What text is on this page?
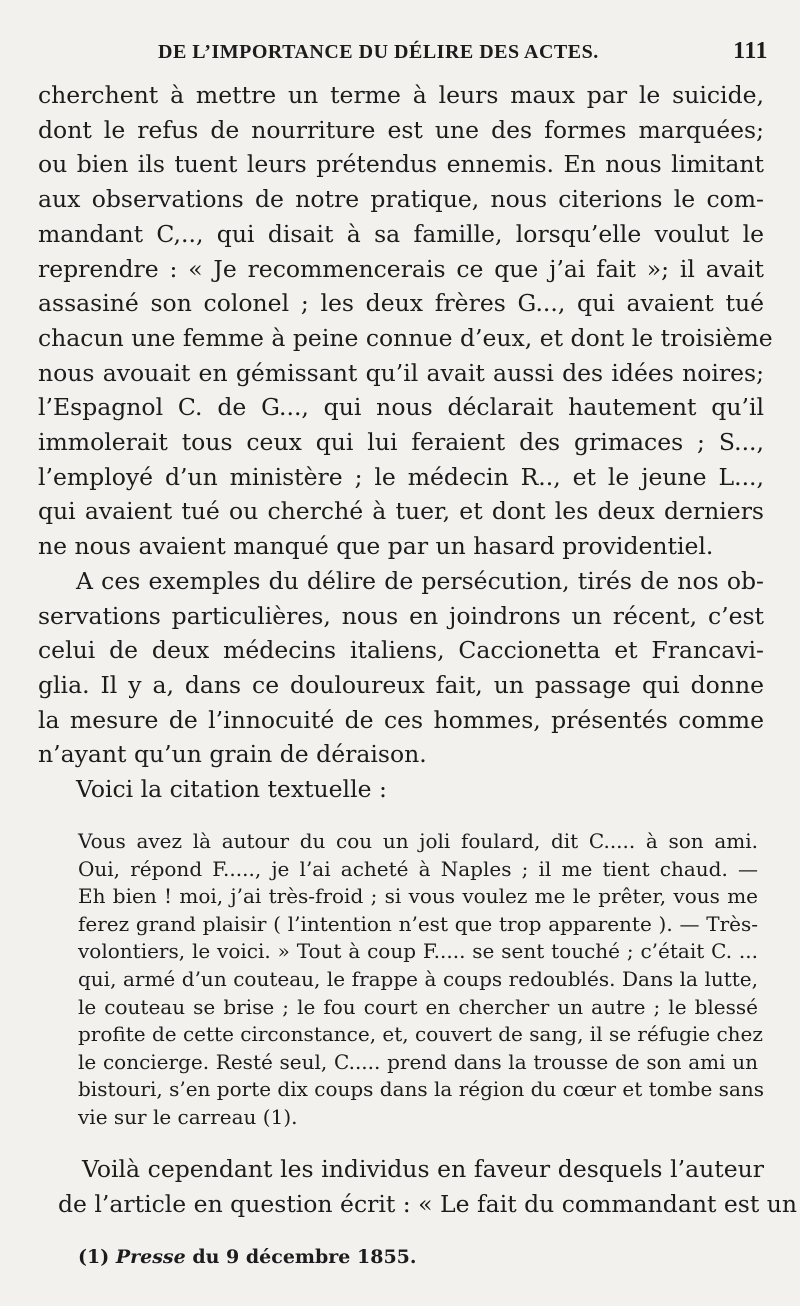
DE L’IMPORTANCE DU DÉLIRE DES ACTES.	111
cherchent à mettre un terme à leurs maux par le suicide,
dont le refus de nourriture est une des formes marquées;
ou bien ils tuent leurs prétendus ennemis. En nous limitant
aux observations de notre pratique, nous citerions le com-
mandant C,.., qui disait à sa famille, lorsqu’elle voulut le
reprendre : « Je recommencerais ce que j’ai fait »; il avait
assasiné son colonel ; les deux frères G..., qui avaient tué
chacun une femme à peine connue d’eux, et dont le troisième
nous avouait en gémissant qu’il avait aussi des idées noires;
l’Espagnol C. de G..., qui nous déclarait hautement qu’il
immolerait tous ceux qui lui feraient des grimaces ; S...,
l’employé d’un ministère ; le médecin R.., et le jeune L...,
qui avaient tué ou cherché à tuer, et dont les deux derniers
ne nous avaient manqué que par un hasard providentiel.
A ces exemples du délire de persécution, tirés de nos ob-
servations particulières, nous en joindrons un récent, c’est
celui de deux médecins italiens, Caccionetta et Francavi-
glia. Il y a, dans ce douloureux fait, un passage qui donne
la mesure de l’innocuité de ces hommes, présentés comme
n’ayant qu’un grain de déraison.
Voici la citation textuelle :
Vous avez là autour du cou un joli foulard, dit C..... à son ami.
Oui, répond F....., je l’ai acheté à Naples ; il me tient chaud. —
Eh bien ! moi, j’ai très-froid ; si vous voulez me le prêter, vous me
ferez grand plaisir ( l’intention n’est que trop apparente ). — Très-
volontiers, le voici. » Tout à coup F..... se sent touché ; c’était C. ...
qui, armé d’un couteau, le frappe à coups redoublés. Dans la lutte,
le couteau se brise ; le fou court en chercher un autre ; le blessé
profite de cette circonstance, et, couvert de sang, il se réfugie chez
le concierge. Resté seul, C..... prend dans la trousse de son ami un
bistouri, s’en porte dix coups dans la région du cœur et tombe sans
vie sur le carreau (1).
Voilà cependant les individus en faveur desquels l’auteur
de l’article en question écrit : « Le fait du commandant est un
(1) Presse du 9 décembre 1855.
